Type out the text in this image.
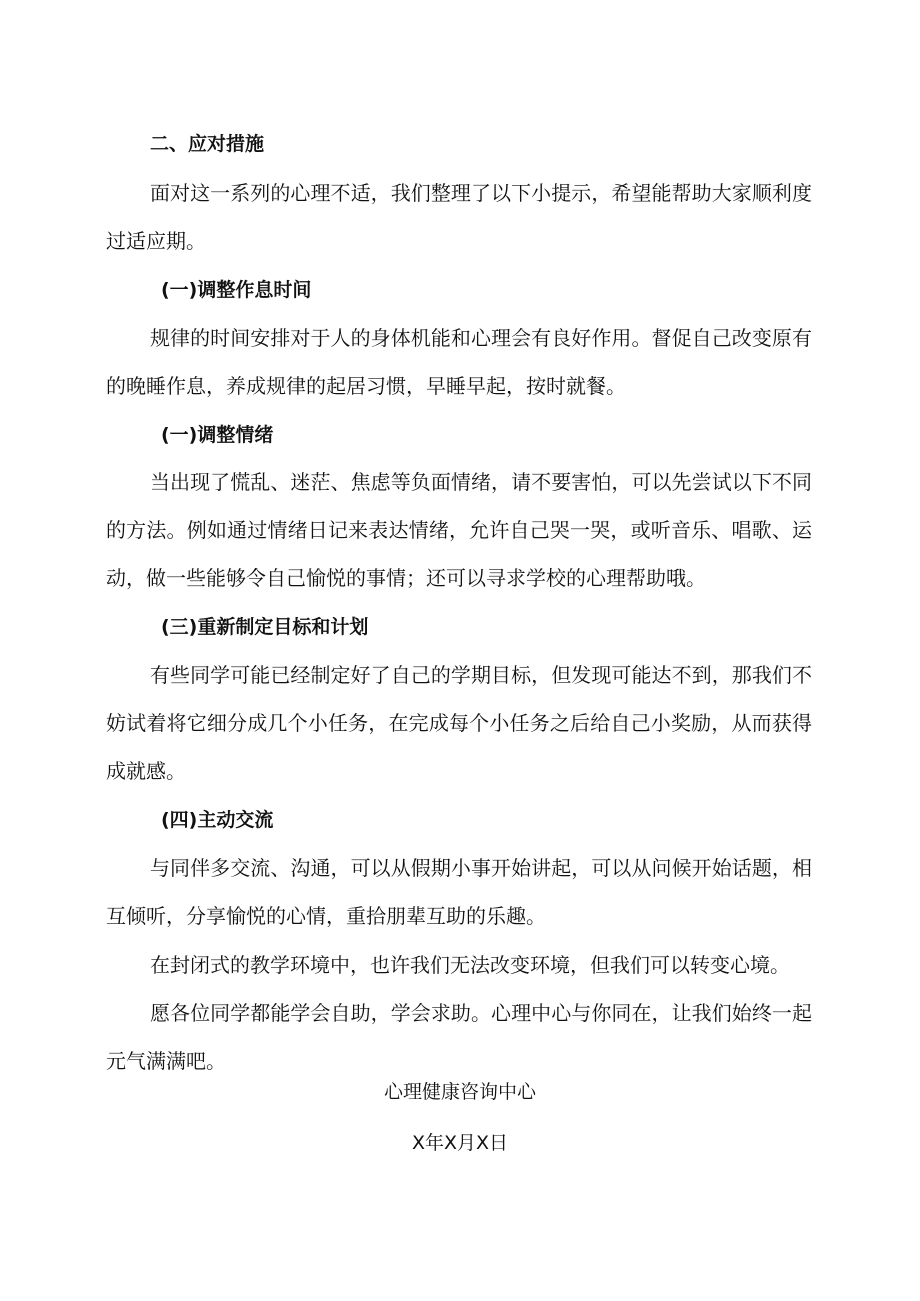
二、应对措施

面对这一系列的心理不适，我们整理了以下小提示，希望能帮助大家顺利度

过适应期。

(一)调整作息时间

规律的时间安排对于人的身体机能和心理会有良好作用。督促自己改变原有

的晚睡作息，养成规律的起居习惯，早睡早起，按时就餐。

(一)调整情绪

当出现了慌乱、迷茫、焦虑等负面情绪，请不要害怕，可以先尝试以下不同

的方法。例如通过情绪日记来表达情绪，允许自己哭一哭，或听音乐、唱歌、运

动，做一些能够令自己愉悦的事情；还可以寻求学校的心理帮助哦。

(三)重新制定目标和计划

有些同学可能已经制定好了自己的学期目标，但发现可能达不到，那我们不

妨试着将它细分成几个小任务，在完成每个小任务之后给自己小奖励，从而获得

成就感。

(四)主动交流

与同伴多交流、沟通，可以从假期小事开始讲起，可以从问候开始话题，相

互倾听，分享愉悦的心情，重拾朋辈互助的乐趣。

在封闭式的教学环境中，也许我们无法改变环境，但我们可以转变心境。

愿各位同学都能学会自助，学会求助。心理中心与你同在，让我们始终一起

元气满满吧。

心理健康咨询中心

X年X月X日
